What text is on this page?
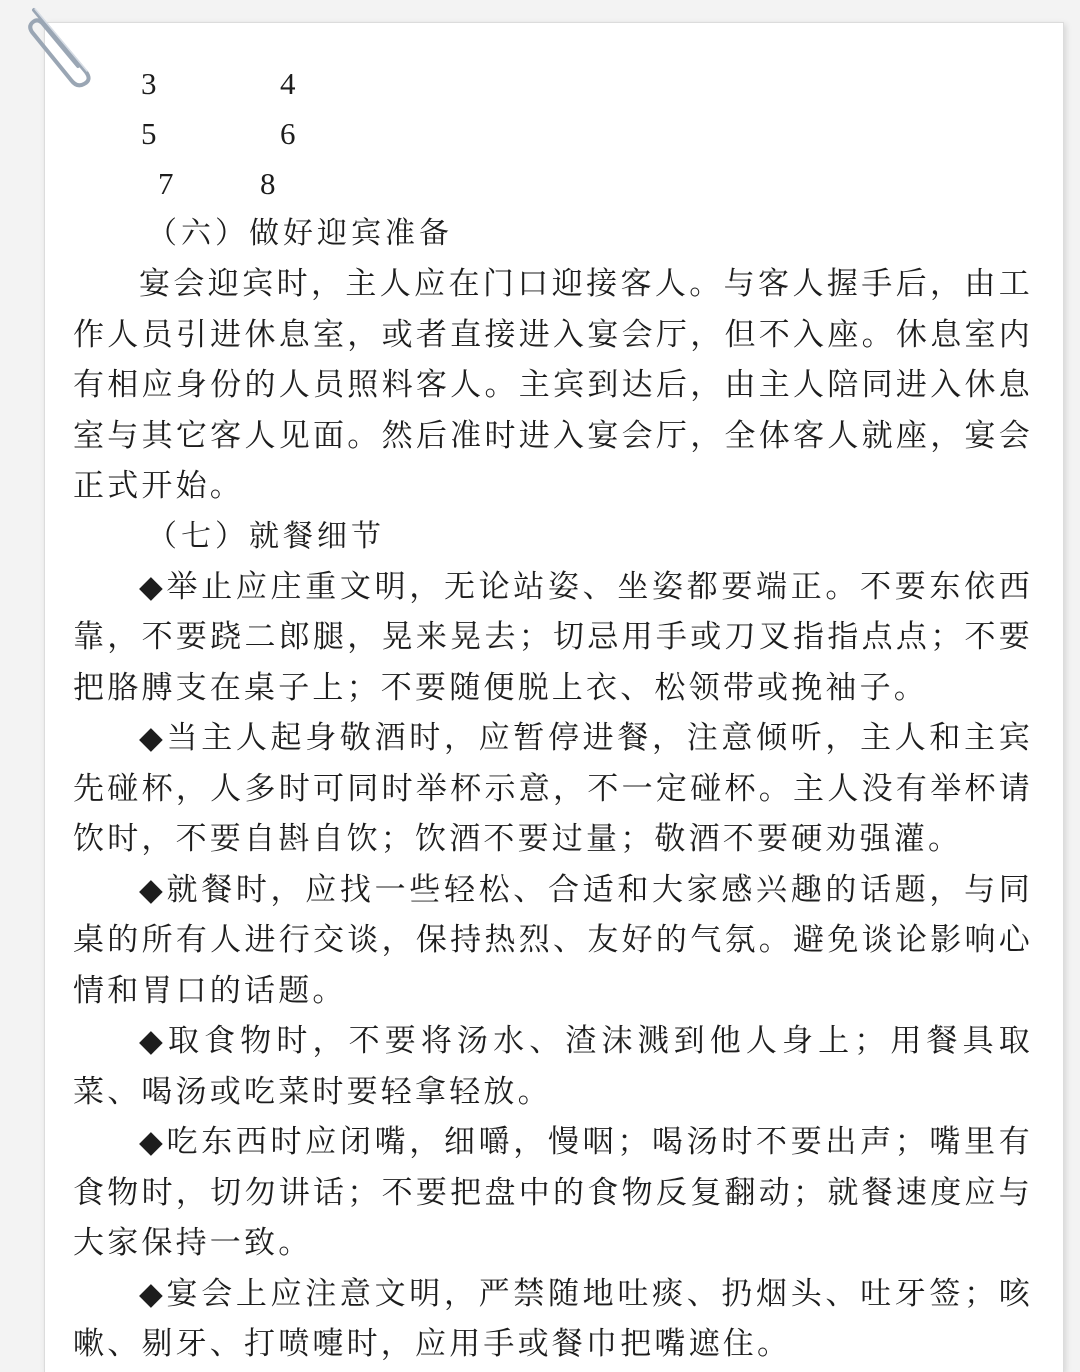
3	4
5	6
7	8
（六）做好迎宾准备

宴会迎宾时，主人应在门口迎接客人。与客人握手后，由工作人员引进休息室，或者直接进入宴会厅，但不入座。休息室内有相应身份的人员照料客人。主宾到达后，由主人陪同进入休息室与其它客人见面。然后准时进入宴会厅，全体客人就座，宴会正式开始。

（七）就餐细节

◆举止应庄重文明，无论站姿、坐姿都要端正。不要东依西靠，不要跷二郎腿，晃来晃去；切忌用手或刀叉指指点点；不要把胳膊支在桌子上；不要随便脱上衣、松领带或挽袖子。

◆当主人起身敬酒时，应暂停进餐，注意倾听，主人和主宾先碰杯，人多时可同时举杯示意，不一定碰杯。主人没有举杯请饮时，不要自斟自饮；饮酒不要过量；敬酒不要硬劝强灌。

◆就餐时，应找一些轻松、合适和大家感兴趣的话题，与同桌的所有人进行交谈，保持热烈、友好的气氛。避免谈论影响心情和胃口的话题。

◆取食物时，不要将汤水、渣沫溅到他人身上；用餐具取菜、喝汤或吃菜时要轻拿轻放。

◆吃东西时应闭嘴，细嚼，慢咽；喝汤时不要出声；嘴里有食物时，切勿讲话；不要把盘中的食物反复翻动；就餐速度应与大家保持一致。

◆宴会上应注意文明，严禁随地吐痰、扔烟头、吐牙签；咳嗽、剔牙、打喷嚏时，应用手或餐巾把嘴遮住。
